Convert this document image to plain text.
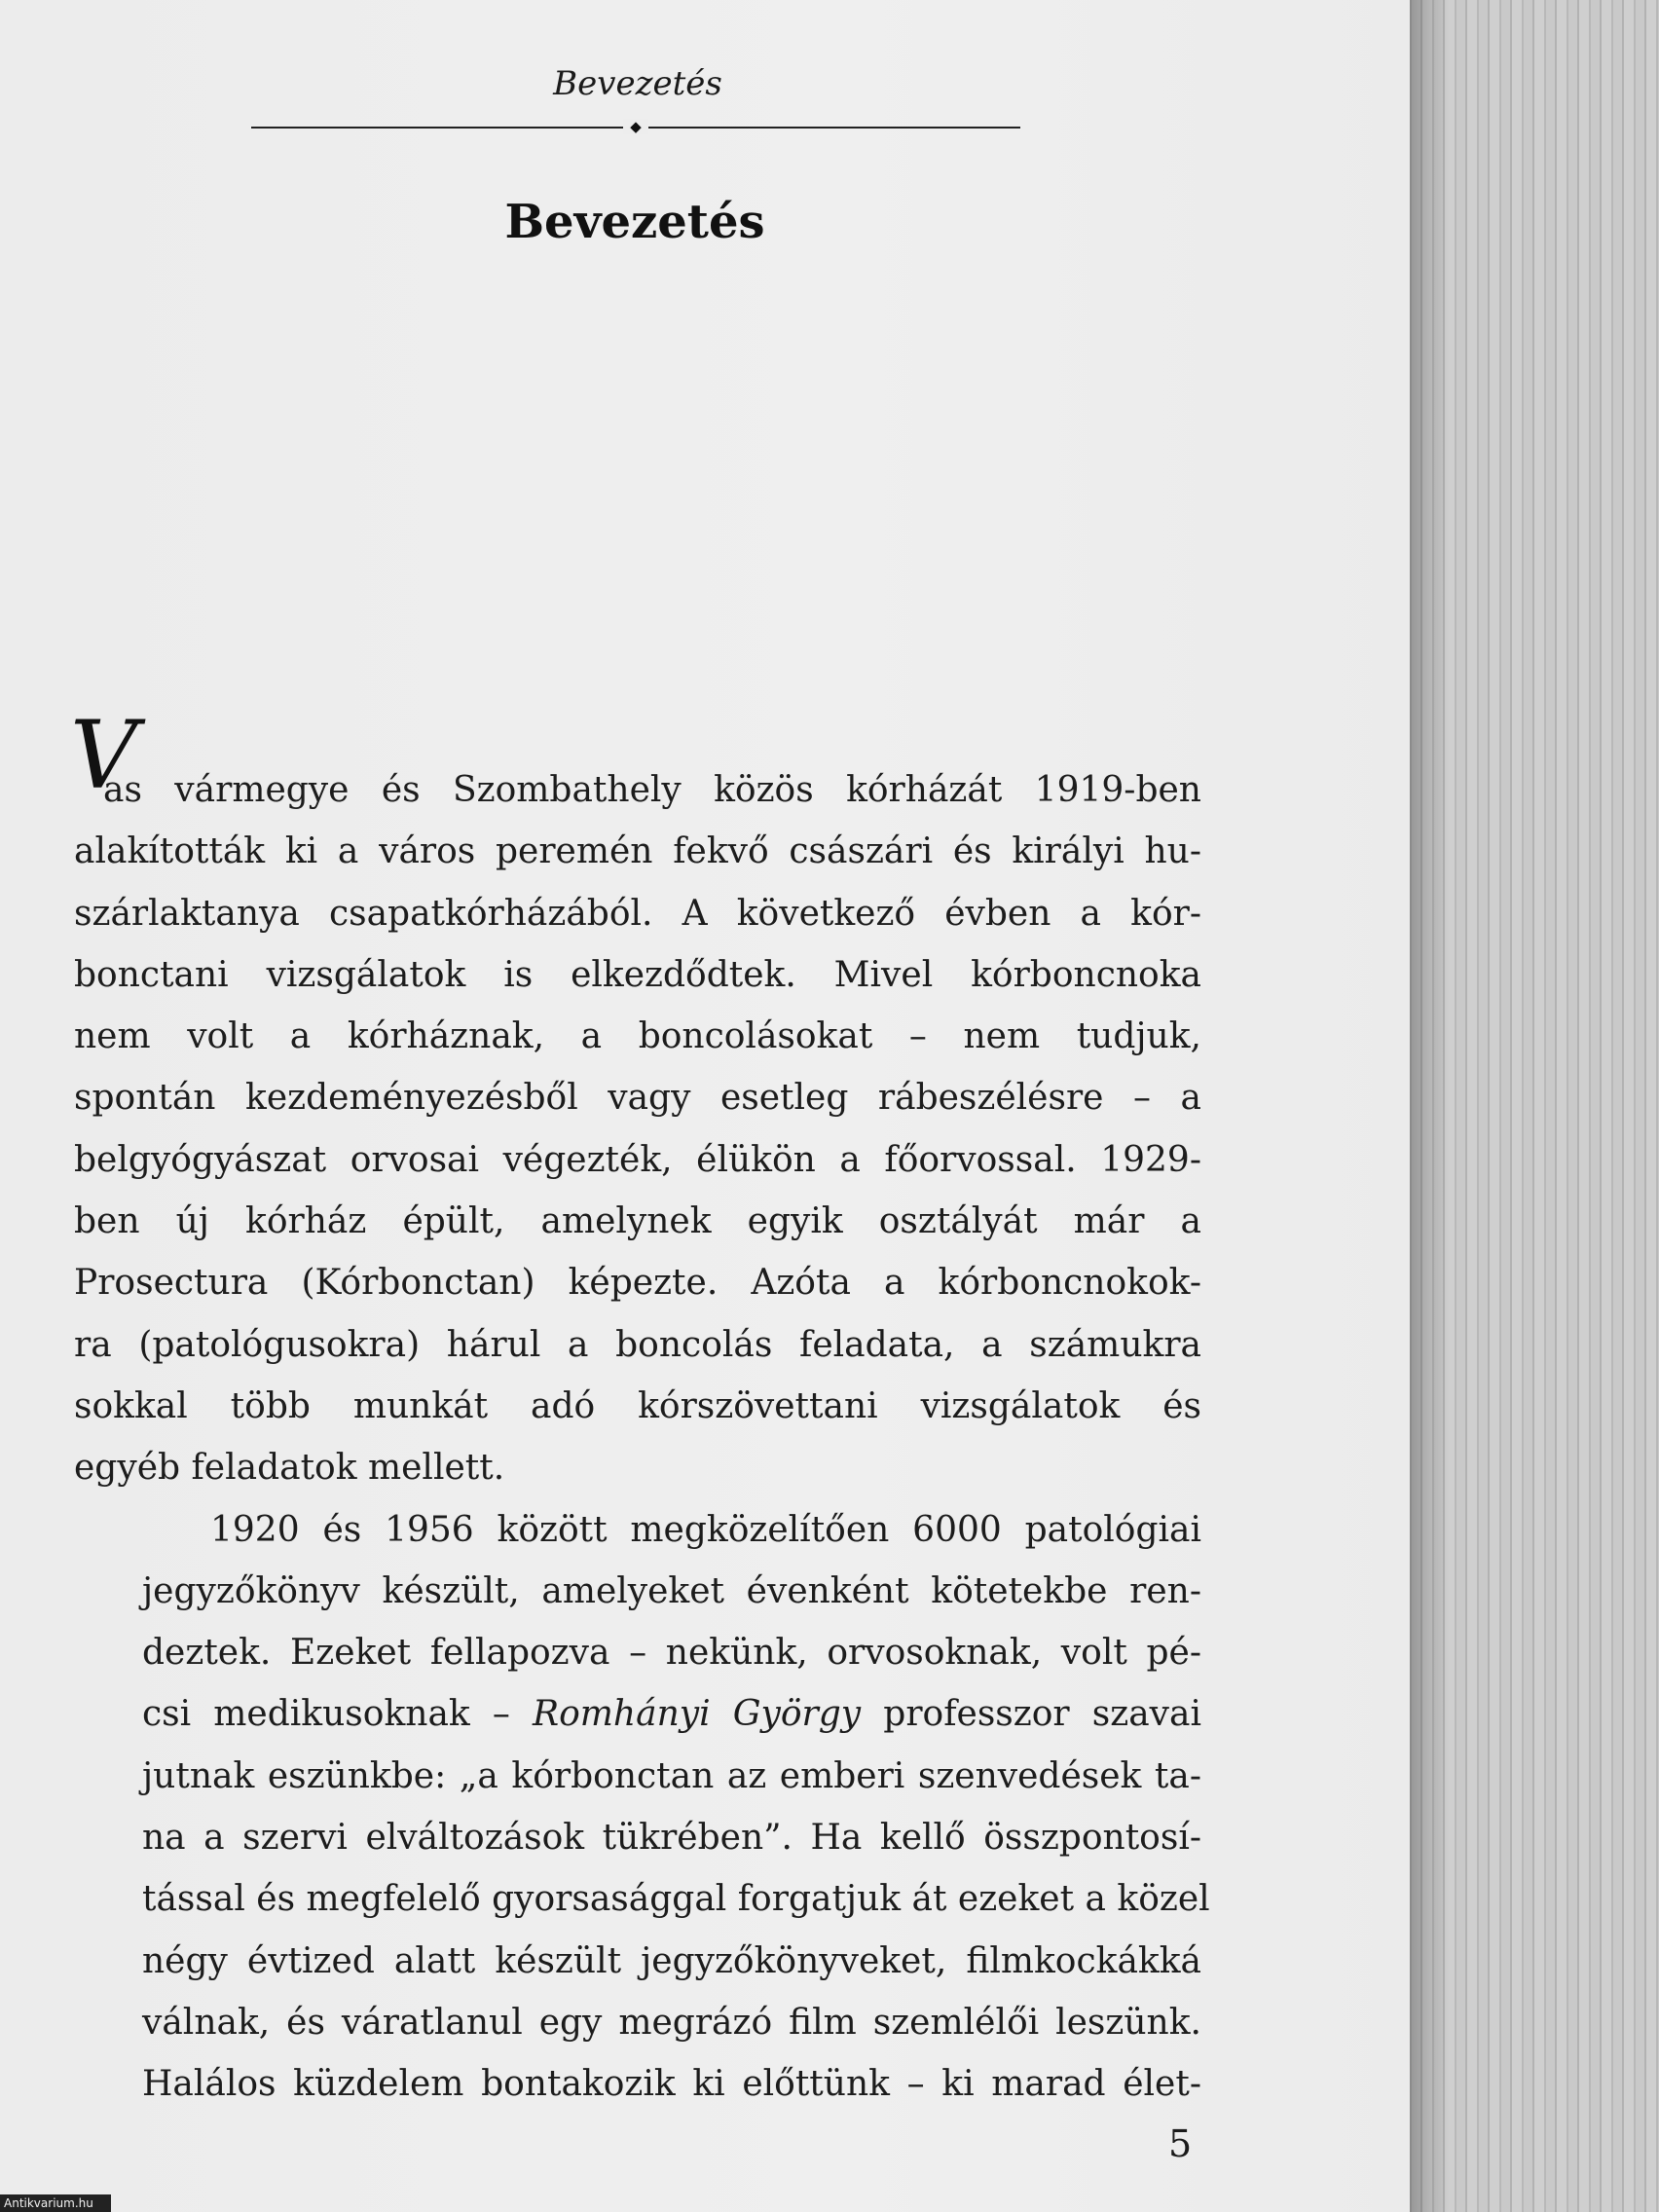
Bevezetés
◆
Bevezetés
V
as vármegye és Szombathely közös kórházát 1919-ben
alakították ki a város peremén fekvő császári és királyi hu-
szárlaktanya csapatkórházából. A következő évben a kór-
bonctani vizsgálatok is elkezdődtek. Mivel kórboncnoka
nem volt a kórháznak, a boncolásokat – nem tudjuk,
spontán kezdeményezésből vagy esetleg rábeszélésre – a
belgyógyászat orvosai végezték, élükön a főorvossal. 1929-
ben új kórház épült, amelynek egyik osztályát már a
Prosectura (Kórbonctan) képezte. Azóta a kórboncnokok-
ra (patológusokra) hárul a boncolás feladata, a számukra
sokkal több munkát adó kórszövettani vizsgálatok és
egyéb feladatok mellett.
1920 és 1956 között megközelítően 6000 patológiai
jegyzőkönyv készült, amelyeket évenként kötetekbe ren-
deztek. Ezeket fellapozva – nekünk, orvosoknak, volt pé-
csi medikusoknak – Romhányi György professzor szavai
jutnak eszünkbe: „a kórbonctan az emberi szenvedések ta-
na a szervi elváltozások tükrében”. Ha kellő összpontosí-
tással és megfelelő gyorsasággal forgatjuk át ezeket a közel
négy évtized alatt készült jegyzőkönyveket, filmkockákká
válnak, és váratlanul egy megrázó film szemlélői leszünk.
Halálos küzdelem bontakozik ki előttünk – ki marad élet-
5
Antikvarium.hu
